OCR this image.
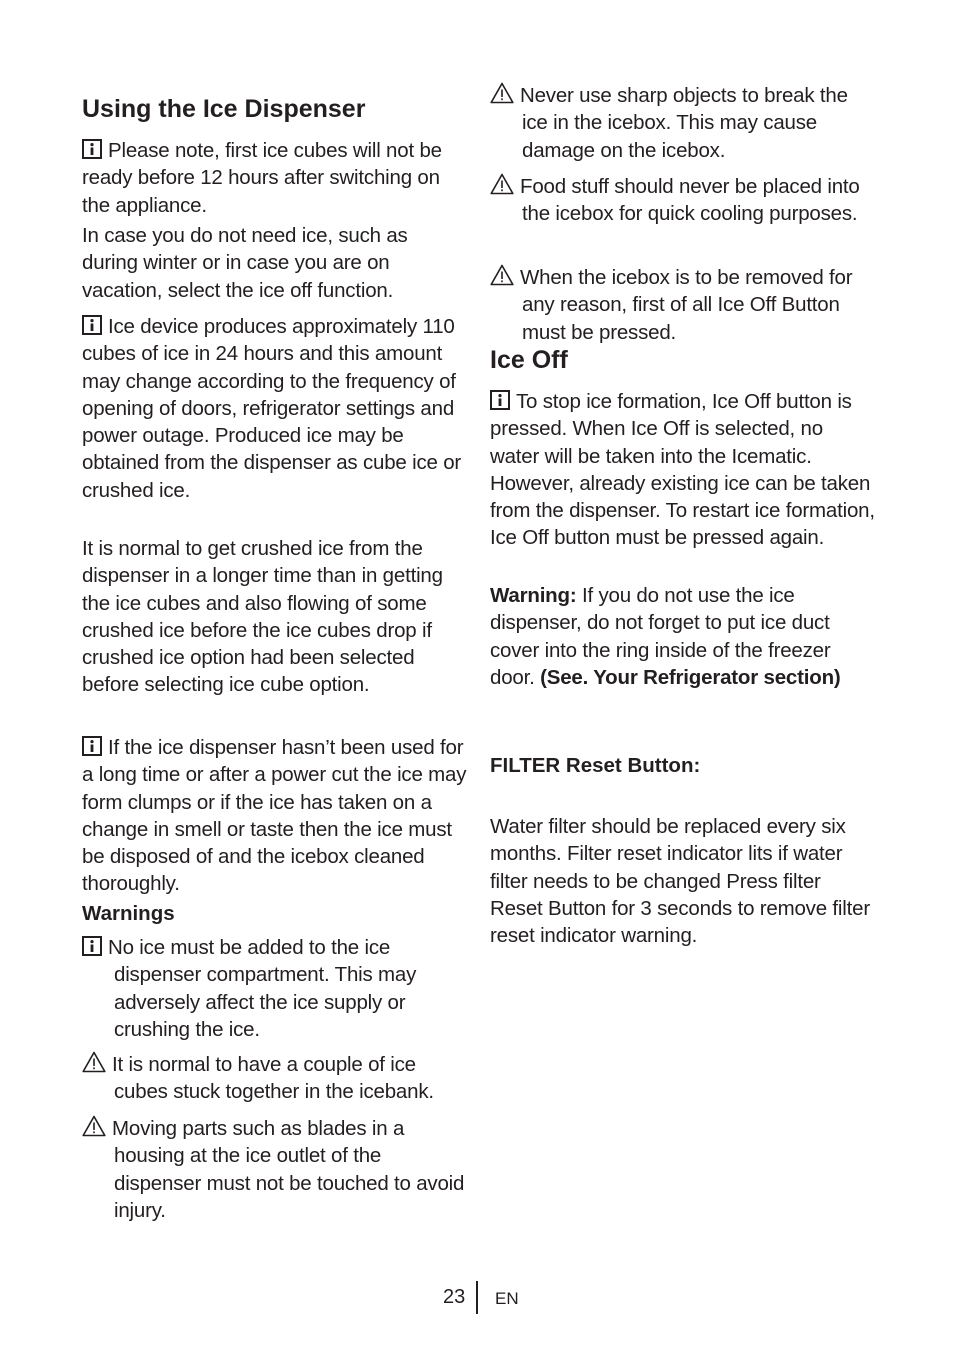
Using the Ice Dispenser

Please note, first ice cubes will not be ready before 12 hours after switching on the appliance.

In case you do not need ice, such as during winter or in case you are on vacation, select the ice off function.

Ice device produces approximately 110 cubes of ice in 24 hours and this amount may change according to the frequency of opening of doors, refrigerator settings and power outage. Produced ice may be obtained from the dispenser as cube ice or crushed ice.

It is normal to get crushed ice from the dispenser in a longer time than in getting the ice cubes and also flowing of some crushed ice before the ice cubes drop if crushed ice option had been selected before selecting ice cube option.

If the ice dispenser hasn’t been used for a long time or after a power cut the ice may form clumps or if the ice has taken on a change in smell or taste then the ice must be disposed of and the icebox cleaned thoroughly.

Warnings

No ice must be added to the ice dispenser compartment. This may adversely affect the ice supply or crushing the ice.

It is normal to have a couple of ice cubes stuck together in the icebank.

Moving parts such as blades in a housing at the ice outlet of the dispenser must not be touched to avoid injury.

Never use sharp objects to break the ice in the icebox. This may cause damage on the icebox.

Food stuff should never be placed into the icebox for quick cooling purposes.

When the icebox is to be removed for any reason, first of all Ice Off Button must be pressed.

Ice Off

To stop ice formation, Ice Off button is pressed. When Ice Off is selected, no water will be taken into the Icematic. However, already existing ice can be taken from the dispenser. To restart ice formation, Ice Off button must be pressed again.

Warning: If you do not use the ice dispenser, do not forget to put ice duct cover into the ring inside of the freezer door. (See. Your Refrigerator section)

FILTER Reset Button:

Water filter should be replaced every six months. Filter reset indicator lits if water filter needs to be changed Press filter Reset Button for 3 seconds to remove filter reset indicator warning.

23 EN
